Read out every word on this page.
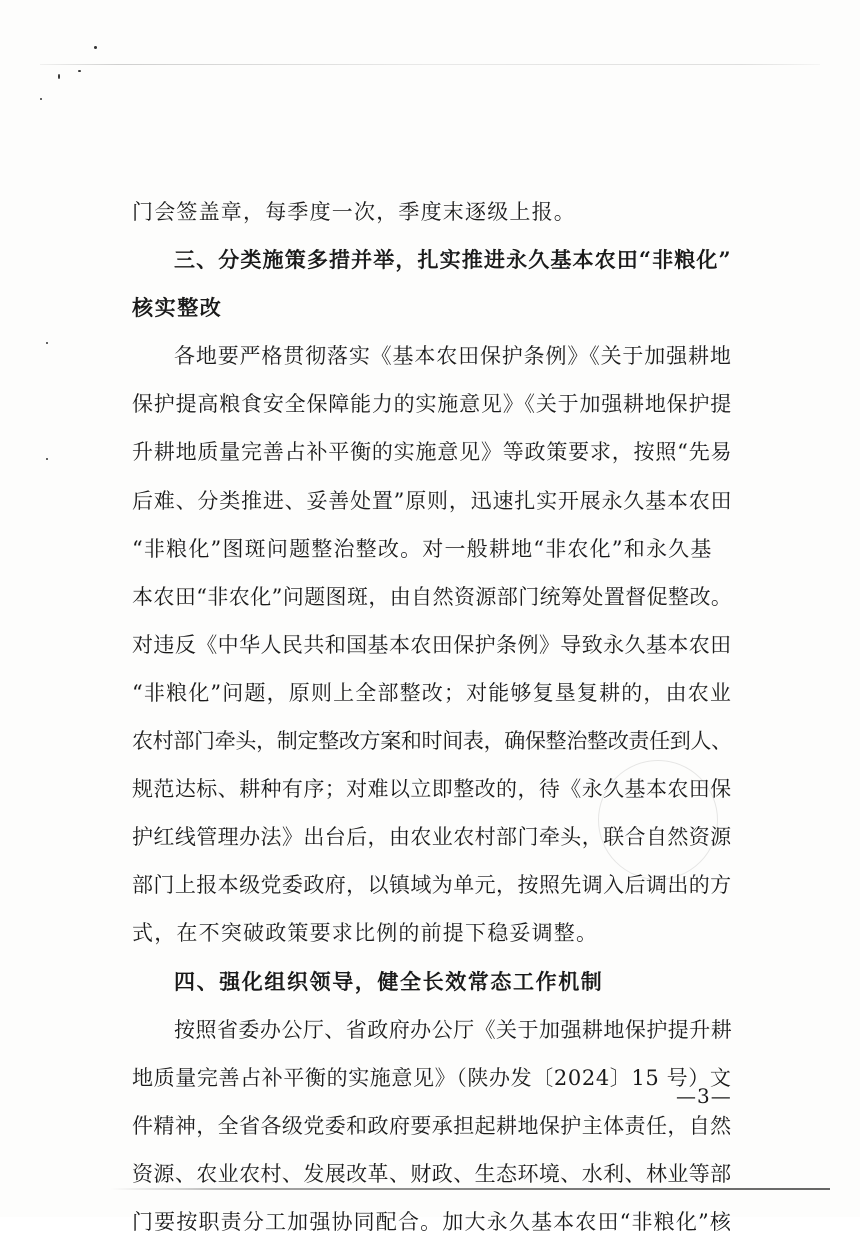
门会签盖章，每季度一次，季度末逐级上报。
三、分类施策多措并举，扎实推进永久基本农田“非粮化”
核实整改
各地要严格贯彻落实《基本农田保护条例》《关于加强耕地
保护提高粮食安全保障能力的实施意见》《关于加强耕地保护提
升耕地质量完善占补平衡的实施意见》等政策要求，按照“先易
后难、分类推进、妥善处置”原则，迅速扎实开展永久基本农田
“非粮化”图斑问题整治整改。对一般耕地“非农化”和永久基
本农田“非农化”问题图斑，由自然资源部门统筹处置督促整改。
对违反《中华人民共和国基本农田保护条例》导致永久基本农田
“非粮化”问题，原则上全部整改；对能够复垦复耕的，由农业
农村部门牵头，制定整改方案和时间表，确保整治整改责任到人、
规范达标、耕种有序；对难以立即整改的，待《永久基本农田保
护红线管理办法》出台后，由农业农村部门牵头，联合自然资源
部门上报本级党委政府，以镇域为单元，按照先调入后调出的方
式，在不突破政策要求比例的前提下稳妥调整。
四、强化组织领导，健全长效常态工作机制
按照省委办公厅、省政府办公厅《关于加强耕地保护提升耕
地质量完善占补平衡的实施意见》（陕办发〔2024〕15 号）文
件精神，全省各级党委和政府要承担起耕地保护主体责任，自然
资源、农业农村、发展改革、财政、生态环境、水利、林业等部
门要按职责分工加强协同配合。加大永久基本农田“非粮化”核
—3—
